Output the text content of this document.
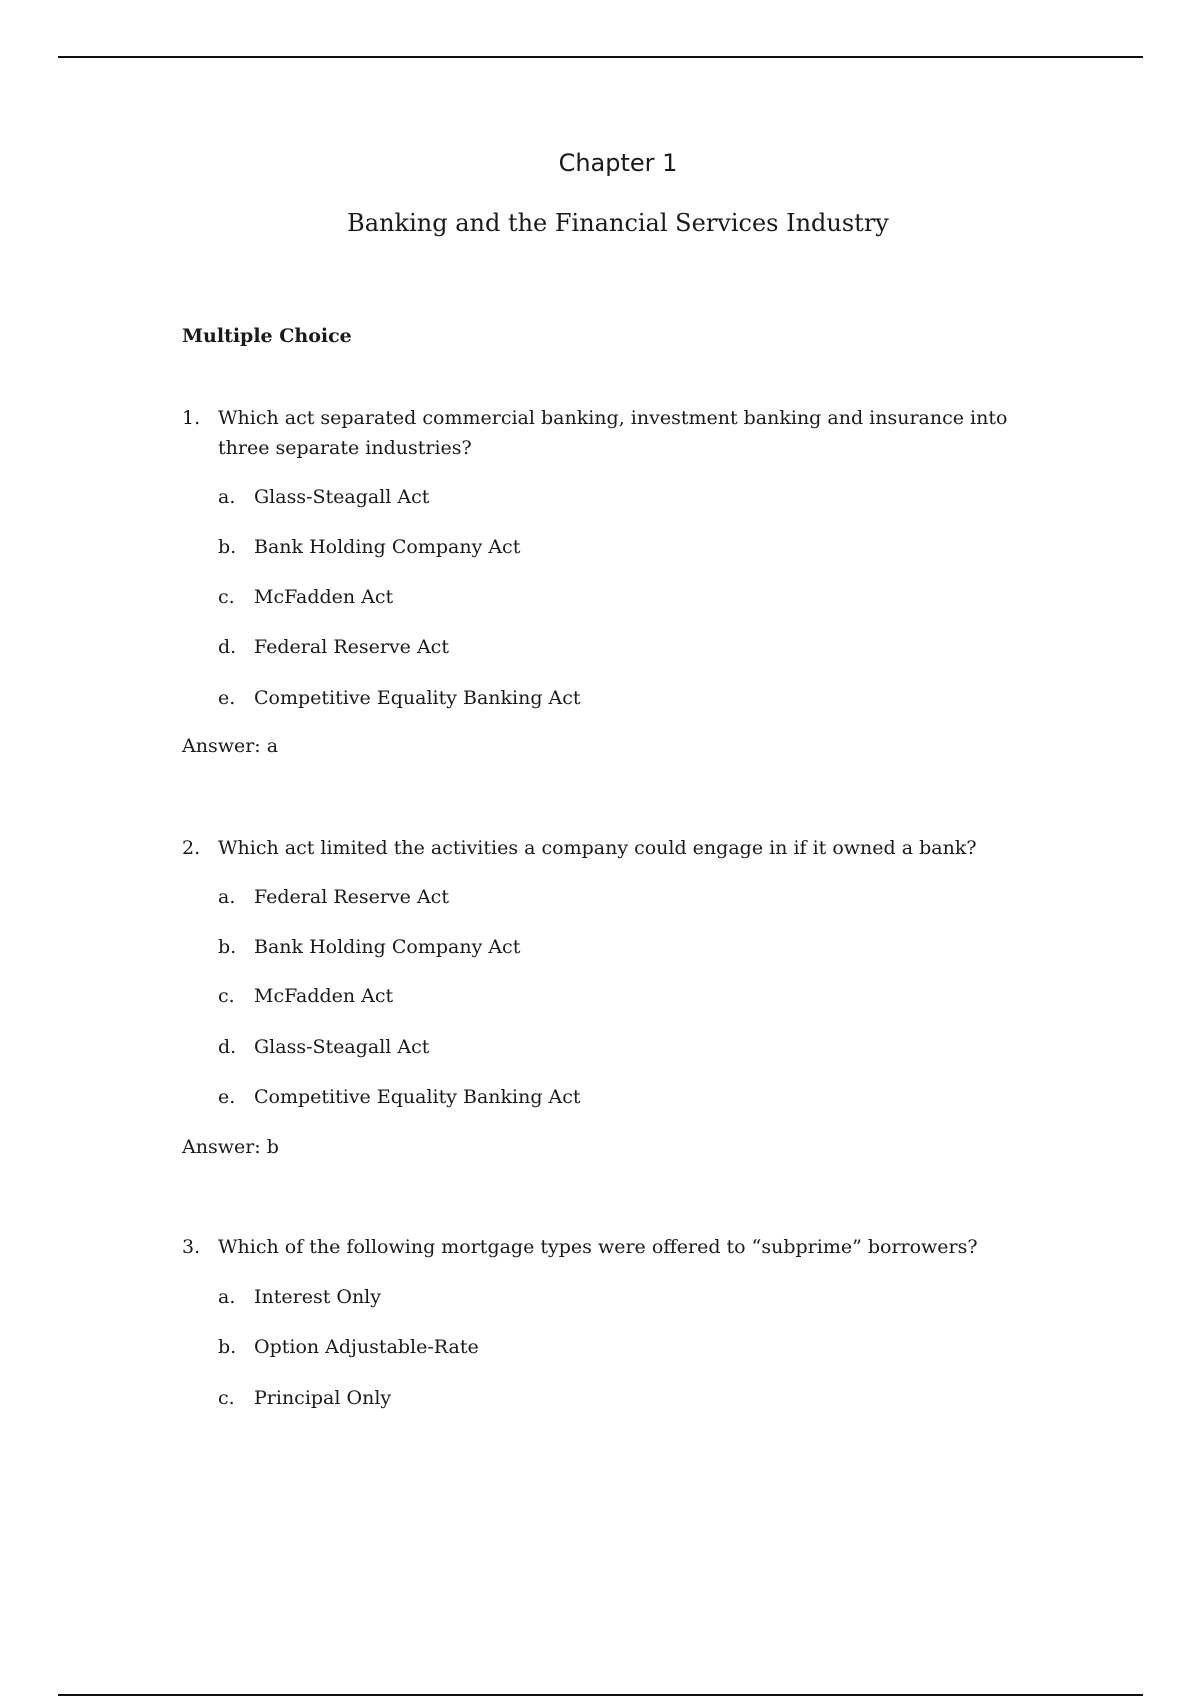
Chapter 1
Banking and the Financial Services Industry
Multiple Choice
1. Which act separated commercial banking, investment banking and insurance into three separate industries?
a. Glass-Steagall Act
b. Bank Holding Company Act
c. McFadden Act
d. Federal Reserve Act
e. Competitive Equality Banking Act
Answer: a
2. Which act limited the activities a company could engage in if it owned a bank?
a. Federal Reserve Act
b. Bank Holding Company Act
c. McFadden Act
d. Glass-Steagall Act
e. Competitive Equality Banking Act
Answer: b
3. Which of the following mortgage types were offered to “subprime” borrowers?
a. Interest Only
b. Option Adjustable-Rate
c. Principal Only
